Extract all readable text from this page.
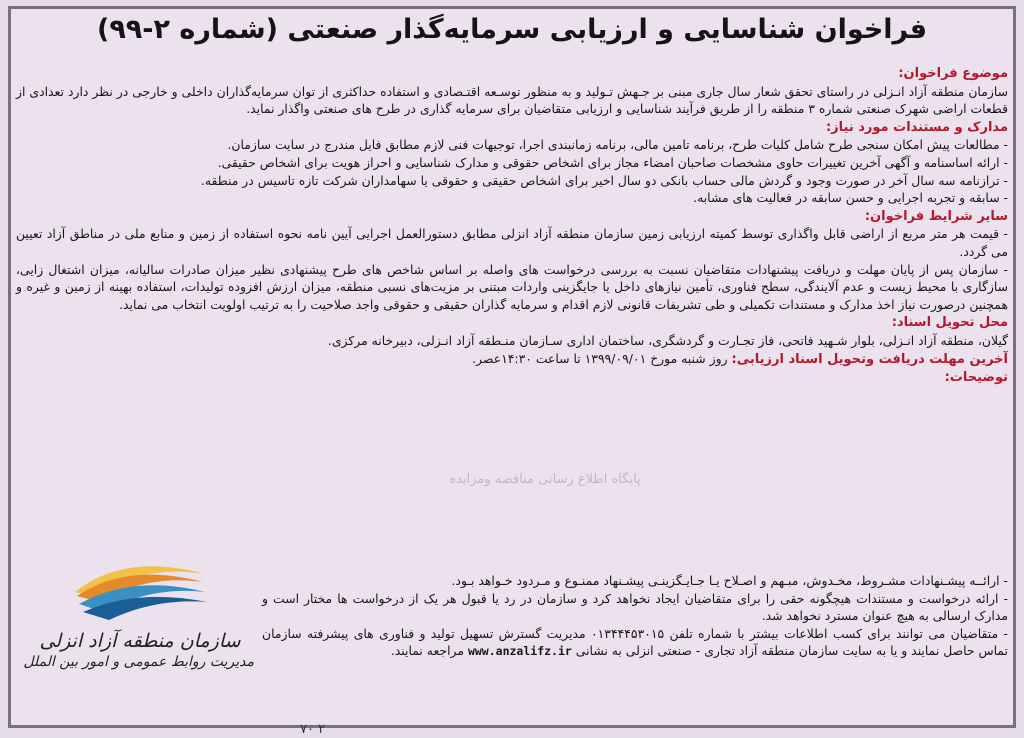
فراخوان شناسایی و ارزیابی سرمایه‌گذار صنعتی (شماره ۲-۹۹)

موضوع فراخوان:
سازمان منطقه آزاد انـزلی در راستای تحقق شعار سال جاری مبنی بر جـهش تـولید و به منظور توسـعه اقتـصادی و استفاده حداکثری از توان سرمایه‌گذاران داخلی و خارجی در نظر دارد تعدادی از قطعات اراضی شهرک صنعتی شماره ۳ منطقه را از طریق فرآیند شناسایی و ارزیابی متقاضیان برای سرمایه گذاری در طرح های صنعتی واگذار نماید.

مدارک و مستندات مورد نیاز:

- مطالعات پیش امکان سنجی طرح شامل کلیات طرح، برنامه تامین مالی، برنامه زمانبندی اجرا، توجیهات فنی لازم مطابق فایل مندرج در سایت سازمان.

- ارائه اساسنامه و آگهی آخرین تغییرات حاوی مشخصات صاحبان امضاء مجاز برای اشخاص حقوقی و مدارک شناسایی و احراز هویت برای اشخاص حقیقی.

- ترازنامه سه سال آخر در صورت وجود و گردش مالی حساب بانکی دو سال اخیر برای اشخاص حقیقی و حقوقی یا سهامداران شرکت تازه تاسیس در منطقه.

- سابقه و تجربه اجرایی و حسن سابقه در فعالیت های مشابه.

سایر شرایط فراخوان:

- قیمت هر متر مربع از اراضی قابل واگذاری توسط کمیته ارزیابی زمین سازمان منطقه آزاد انزلی مطابق دستورالعمل اجرایی آیین نامه نحوه استفاده از زمین و منابع ملی در مناطق آزاد تعیین می گردد.

- سازمان پس از پایان مهلت و دریافت پیشنهادات متقاضیان نسبت به بررسی درخواست های واصله بر اساس شاخص های طرح پیشنهادی نظیر میزان صادرات سالیانه، میزان اشتغال زایی، سازگاری با محیط زیست و عدم آلایندگی، سطح فناوری، تأمین نیازهای داخل یا جایگزینی واردات مبتنی بر مزیت‌های نسبی منطقه، میزان ارزش افزوده تولیدات، استفاده بهینه از زمین و غیره و همچنین درصورت نیاز اخذ مدارک و مستندات تکمیلی و طی تشریفات قانونی لازم اقدام و سرمایه گذاران حقیقی و حقوقی واجد صلاحیت را به ترتیب اولویت انتخاب می نماید.

محل تحویل اسناد:
گیلان، منطقه آزاد انـزلی، بلوار شـهید فاتحی، فاز تجـارت و گردشگری، ساختمان اداری سـازمان منـطقه آزاد انـزلی، دبیرخانه مرکزی.

آخرین مهلت دریافت وتحویل اسناد ارزیابی: روز شنبه مورخ ۱۳۹۹/۰۹/۰۱ تا ساعت ۱۴:۳۰عصر.

توضیحات:

- ارائــه پیشـنهادات مشـروط، مخـدوش، مبـهم و اصـلاح یـا جـایـگزینـی پیشـنهاد ممنـوع و مـردود خـواهد بـود.

- ارائه درخواست و مستندات هیچگونه حقی را برای متقاضیان ایجاد نخواهد کرد و سازمان در رد یا قبول هر یک از درخواست ها مختار است و مدارک ارسالی به هیچ عنوان مسترد نخواهد شد.

- متقاضیان می توانند برای کسب اطلاعات بیشتر با شماره تلفن ۰۱۳۴۴۴۵۳۰۱۵ مدیریت گسترش تسهیل تولید و فناوری های پیشرفته سازمان تماس حاصل نمایند و یا به سایت سازمان منطقه آزاد تجاری - صنعتی انزلی به نشانی www.anzalifz.ir مراجعه نمایند.

سازمان منطقه آزاد انزلی
مدیریت روابط عمومی و امور بین الملل
پایگاه اطلاع رسانی مناقصه ومزایده
۷۰ ۲
